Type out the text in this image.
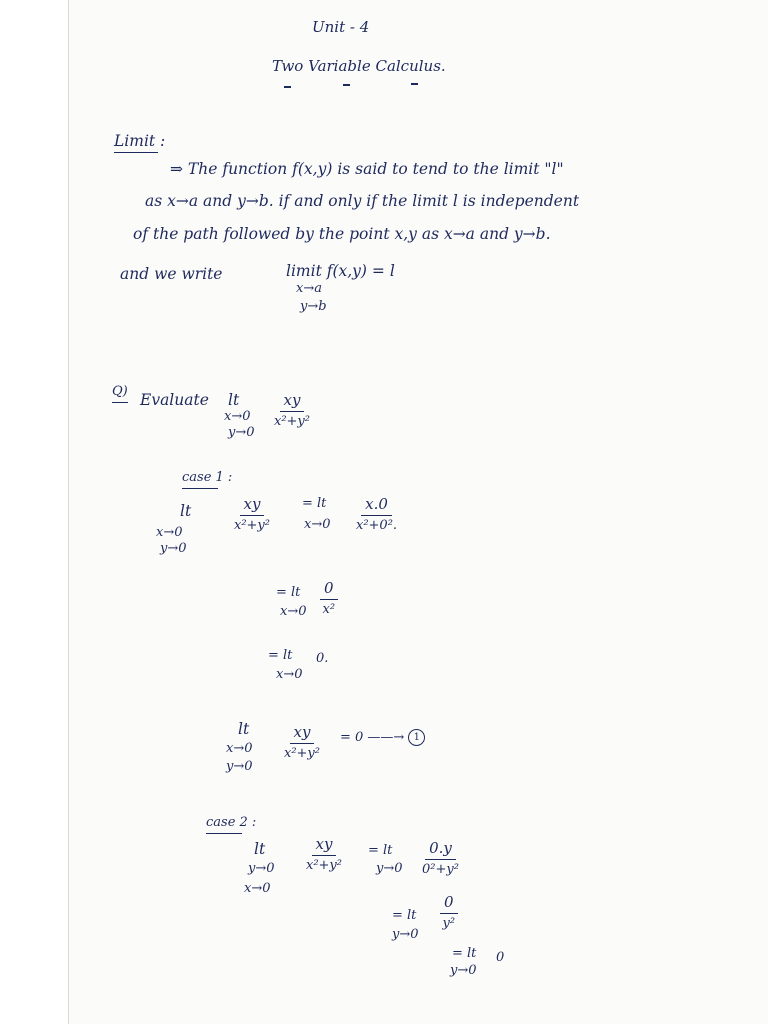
Unit - 4
Two Variable Calculus.
Limit :
⇒ The function f(x,y) is said to tend to the limit "l"
as x→a and y→b. if and only if the limit l is independent
of the path followed by the point x,y as x→a and y→b.
and we write	limit f(x,y) = l
x→a
y→b
Q) Evaluate lt
x→0
y→0
$\frac{xy}{\text{x²+y²}}$
case 1 :
lt
x→0
y→0
$\frac{xy}{\text{x²+y²}}$ = lt
$x\to 0 \frac{x.0}{\text{x²+0².}}$
= lt
$x\to 0 \frac{0}{\text{x²}}$
= lt 0.
x→0
lt
x→0
y→0
$\frac{xy}{\text{x²+y²}} = 0$ ——→ 1
case 2 :
lt
y→0
x→0
$\frac{xy}{\text{x²+y²}}$ = lt
$y\to 0 \frac{0.y}{\text{0²+y²}}$
= lt
y→0
$\frac{0}{\text{y²}}$
= lt
y→0
0
